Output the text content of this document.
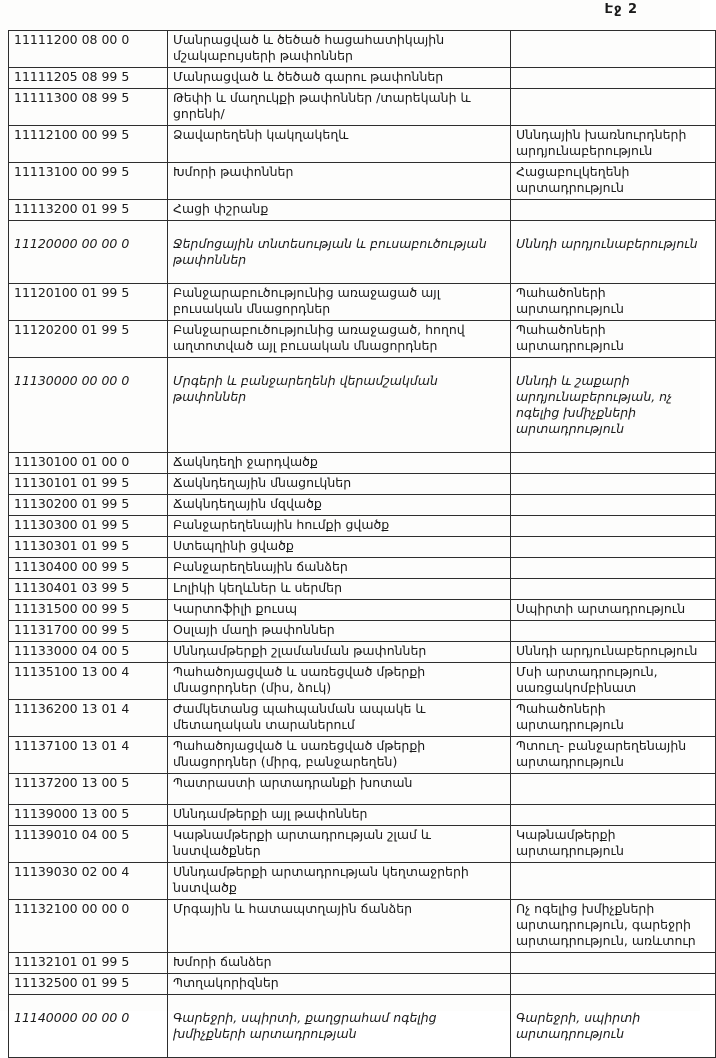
Էջ 2
11111200 08 00 0	Մանրացված և ծեծած հացահատիկային մշակաբույսերի թափոններ	
11111205 08 99 5	Մանրացված և ծեծած գարու թափոններ	
11111300 08 99 5	Թեփի և մաղուկքի թափոններ /տարեկանի և ցորենի/	
11112100 00 99 5	Ձավարեղենի կակղակեղև	Սննդային խառնուրդների արդյունաբերություն
11113100 00 99 5	Խմորի թափոններ	Հացաբուլկեղենի արտադրություն
11113200 01 99 5	Հացի փշրանք	
11120000 00 00 0	Ջերմոցային տնտեսության և բուսաբուծության թափոններ	Սննդի արդյունաբերություն
11120100 01 99 5	Բանջարաբուծությունից առաջացած այլ բուսական մնացորդներ	Պահածոների արտադրություն
11120200 01 99 5	Բանջարաբուծությունից առաջացած, հողով աղտոտված այլ բուսական մնացորդներ	Պահածոների արտադրություն
11130000 00 00 0	Մրգերի և բանջարեղենի վերամշակման թափոններ	Սննդի և շաքարի արդյունաբերության, ոչ ոգելից խմիչքների արտադրություն
11130100 01 00 0	Ճակնդեղի ջարդվածք	
11130101 01 99 5	Ճակնդեղային մնացուկներ	
11130200 01 99 5	Ճակնդեղային մզվածք	
11130300 01 99 5	Բանջարեղենային հումքի ցվածք	
11130301 01 99 5	Ստեպղինի ցվածք	
11130400 00 99 5	Բանջարեղենային ճանձեր	
11130401 03 99 5	Լոլիկի կեղևներ և սերմեր	
11131500 00 99 5	Կարտոֆիլի քուսպ	Սպիրտի արտադրություն
11131700 00 99 5	Օսլայի մաղի թափոններ	
11133000 04 00 5	Սննդամթերքի շլամանման թափոններ	Սննդի արդյունաբերություն
11135100 13 00 4	Պահածոյացված և սառեցված մթերքի մնացորդներ (միս, ձուկ)	Մսի արտադրություն, սառցակոմբինատ
11136200 13 01 4	Ժամկետանց պահպանման ապակե և մետաղական տարաներում	Պահածոների արտադրություն
11137100 13 01 4	Պահածոյացված և սառեցված մթերքի մնացորդներ (միրգ, բանջարեղեն)	Պտուղ- բանջարեղենային արտադրություն
11137200 13 00 5	Պատրաստի արտադրանքի խոտան	
11139000 13 00 5	Սննդամթերքի այլ թափոններ	
11139010 04 00 5	Կաթնամթերքի արտադրության շլամ և նստվածքներ	Կաթնամթերքի արտադրություն
11139030 02 00 4	Սննդամթերքի արտադրության կեղտաջրերի նստվածք	
11132100 00 00 0	Մրգային և հատապտղային ճանձեր	Ոչ ոգելից խմիչքների արտադրություն, գարեջրի արտադրություն, առևտուր
11132101 01 99 5	Խմորի ճանձեր	
11132500 01 99 5	Պտղակորիզներ	
11140000 00 00 0	Գարեջրի, սպիրտի, քաղցրահամ ոգելից խմիչքների արտադրության	Գարեջրի, սպիրտի արտադրություն
